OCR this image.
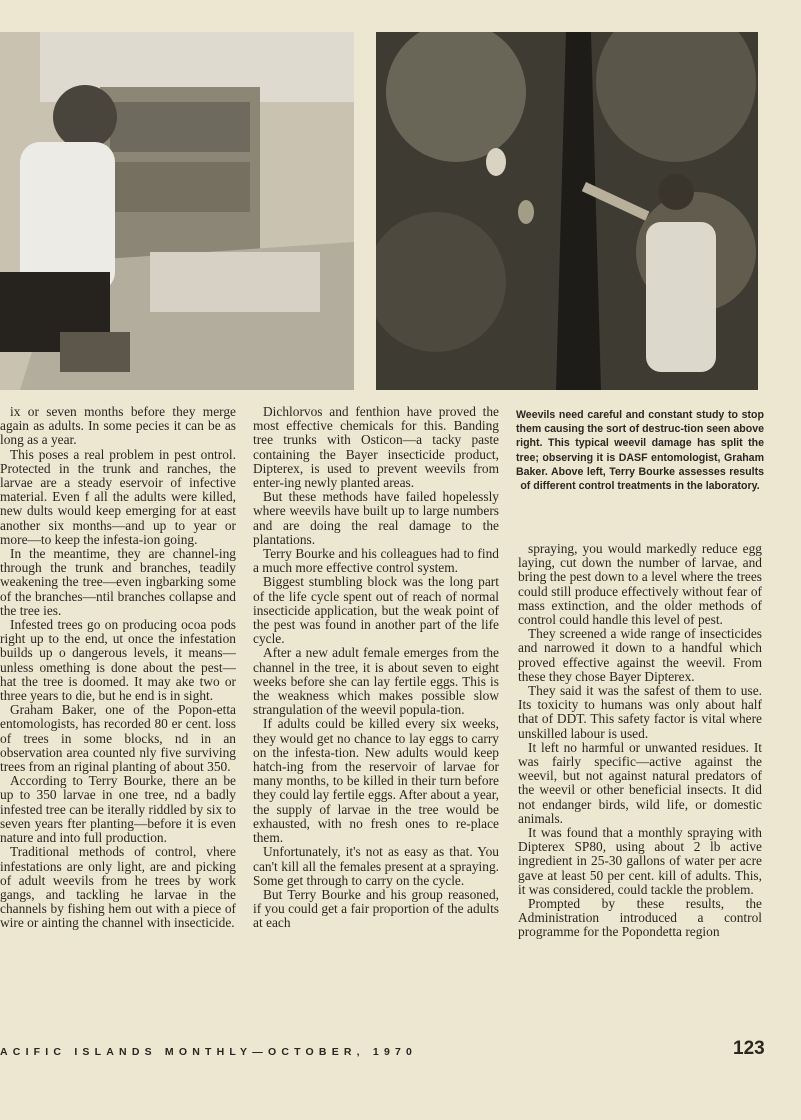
ix or seven months before they merge again as adults. In some pecies it can be as long as a year.

This poses a real problem in pest ontrol. Protected in the trunk and ranches, the larvae are a steady eservoir of infective material. Even f all the adults were killed, new dults would keep emerging for at east another six months—and up to year or more—to keep the infesta-ion going.

In the meantime, they are channel-ing through the trunk and branches, teadily weakening the tree—even ingbarking some of the branches—ntil branches collapse and the tree ies.

Infested trees go on producing ocoa pods right up to the end, ut once the infestation builds up o dangerous levels, it means—unless omething is done about the pest—hat the tree is doomed. It may ake two or three years to die, but he end is in sight.

Graham Baker, one of the Popon-etta entomologists, has recorded 80 er cent. loss of trees in some blocks, nd in an observation area counted nly five surviving trees from an riginal planting of about 350.

According to Terry Bourke, there an be up to 350 larvae in one tree, nd a badly infested tree can be iterally riddled by six to seven years fter planting—before it is even nature and into full production.

Traditional methods of control, vhere infestations are only light, are and picking of adult weevils from he trees by work gangs, and tackling he larvae in the channels by fishing hem out with a piece of wire or ainting the channel with insecticide.

Dichlorvos and fenthion have proved the most effective chemicals for this. Banding tree trunks with Osticon—a tacky paste containing the Bayer insecticide product, Dipterex, is used to prevent weevils from enter-ing newly planted areas.

But these methods have failed hopelessly where weevils have built up to large numbers and are doing the real damage to the plantations.

Terry Bourke and his colleagues had to find a much more effective control system.

Biggest stumbling block was the long part of the life cycle spent out of reach of normal insecticide application, but the weak point of the pest was found in another part of the life cycle.

After a new adult female emerges from the channel in the tree, it is about seven to eight weeks before she can lay fertile eggs. This is the weakness which makes possible slow strangulation of the weevil popula-tion.

If adults could be killed every six weeks, they would get no chance to lay eggs to carry on the infesta-tion. New adults would keep hatch-ing from the reservoir of larvae for many months, to be killed in their turn before they could lay fertile eggs. After about a year, the supply of larvae in the tree would be exhausted, with no fresh ones to re-place them.

Unfortunately, it's not as easy as that. You can't kill all the females present at a spraying. Some get through to carry on the cycle.

But Terry Bourke and his group reasoned, if you could get a fair proportion of the adults at each

Weevils need careful and constant study to stop them causing the sort of destruc-tion seen above right. This typical weevil damage has split the tree; observing it is DASF entomologist, Graham Baker. Above left, Terry Bourke assesses results of different control treatments in the laboratory.

spraying, you would markedly reduce egg laying, cut down the number of larvae, and bring the pest down to a level where the trees could still produce effectively without fear of mass extinction, and the older methods of control could handle this level of pest.

They screened a wide range of insecticides and narrowed it down to a handful which proved effective against the weevil. From these they chose Bayer Dipterex.

They said it was the safest of them to use. Its toxicity to humans was only about half that of DDT. This safety factor is vital where unskilled labour is used.

It left no harmful or unwanted residues. It was fairly specific—active against the weevil, but not against natural predators of the weevil or other beneficial insects. It did not endanger birds, wild life, or domestic animals.

It was found that a monthly spraying with Dipterex SP80, using about 2 lb active ingredient in 25-30 gallons of water per acre gave at least 50 per cent. kill of adults. This, it was considered, could tackle the problem.

Prompted by these results, the Administration introduced a control programme for the Popondetta region

ACIFIC ISLANDS MONTHLY—OCTOBER, 1970	123
